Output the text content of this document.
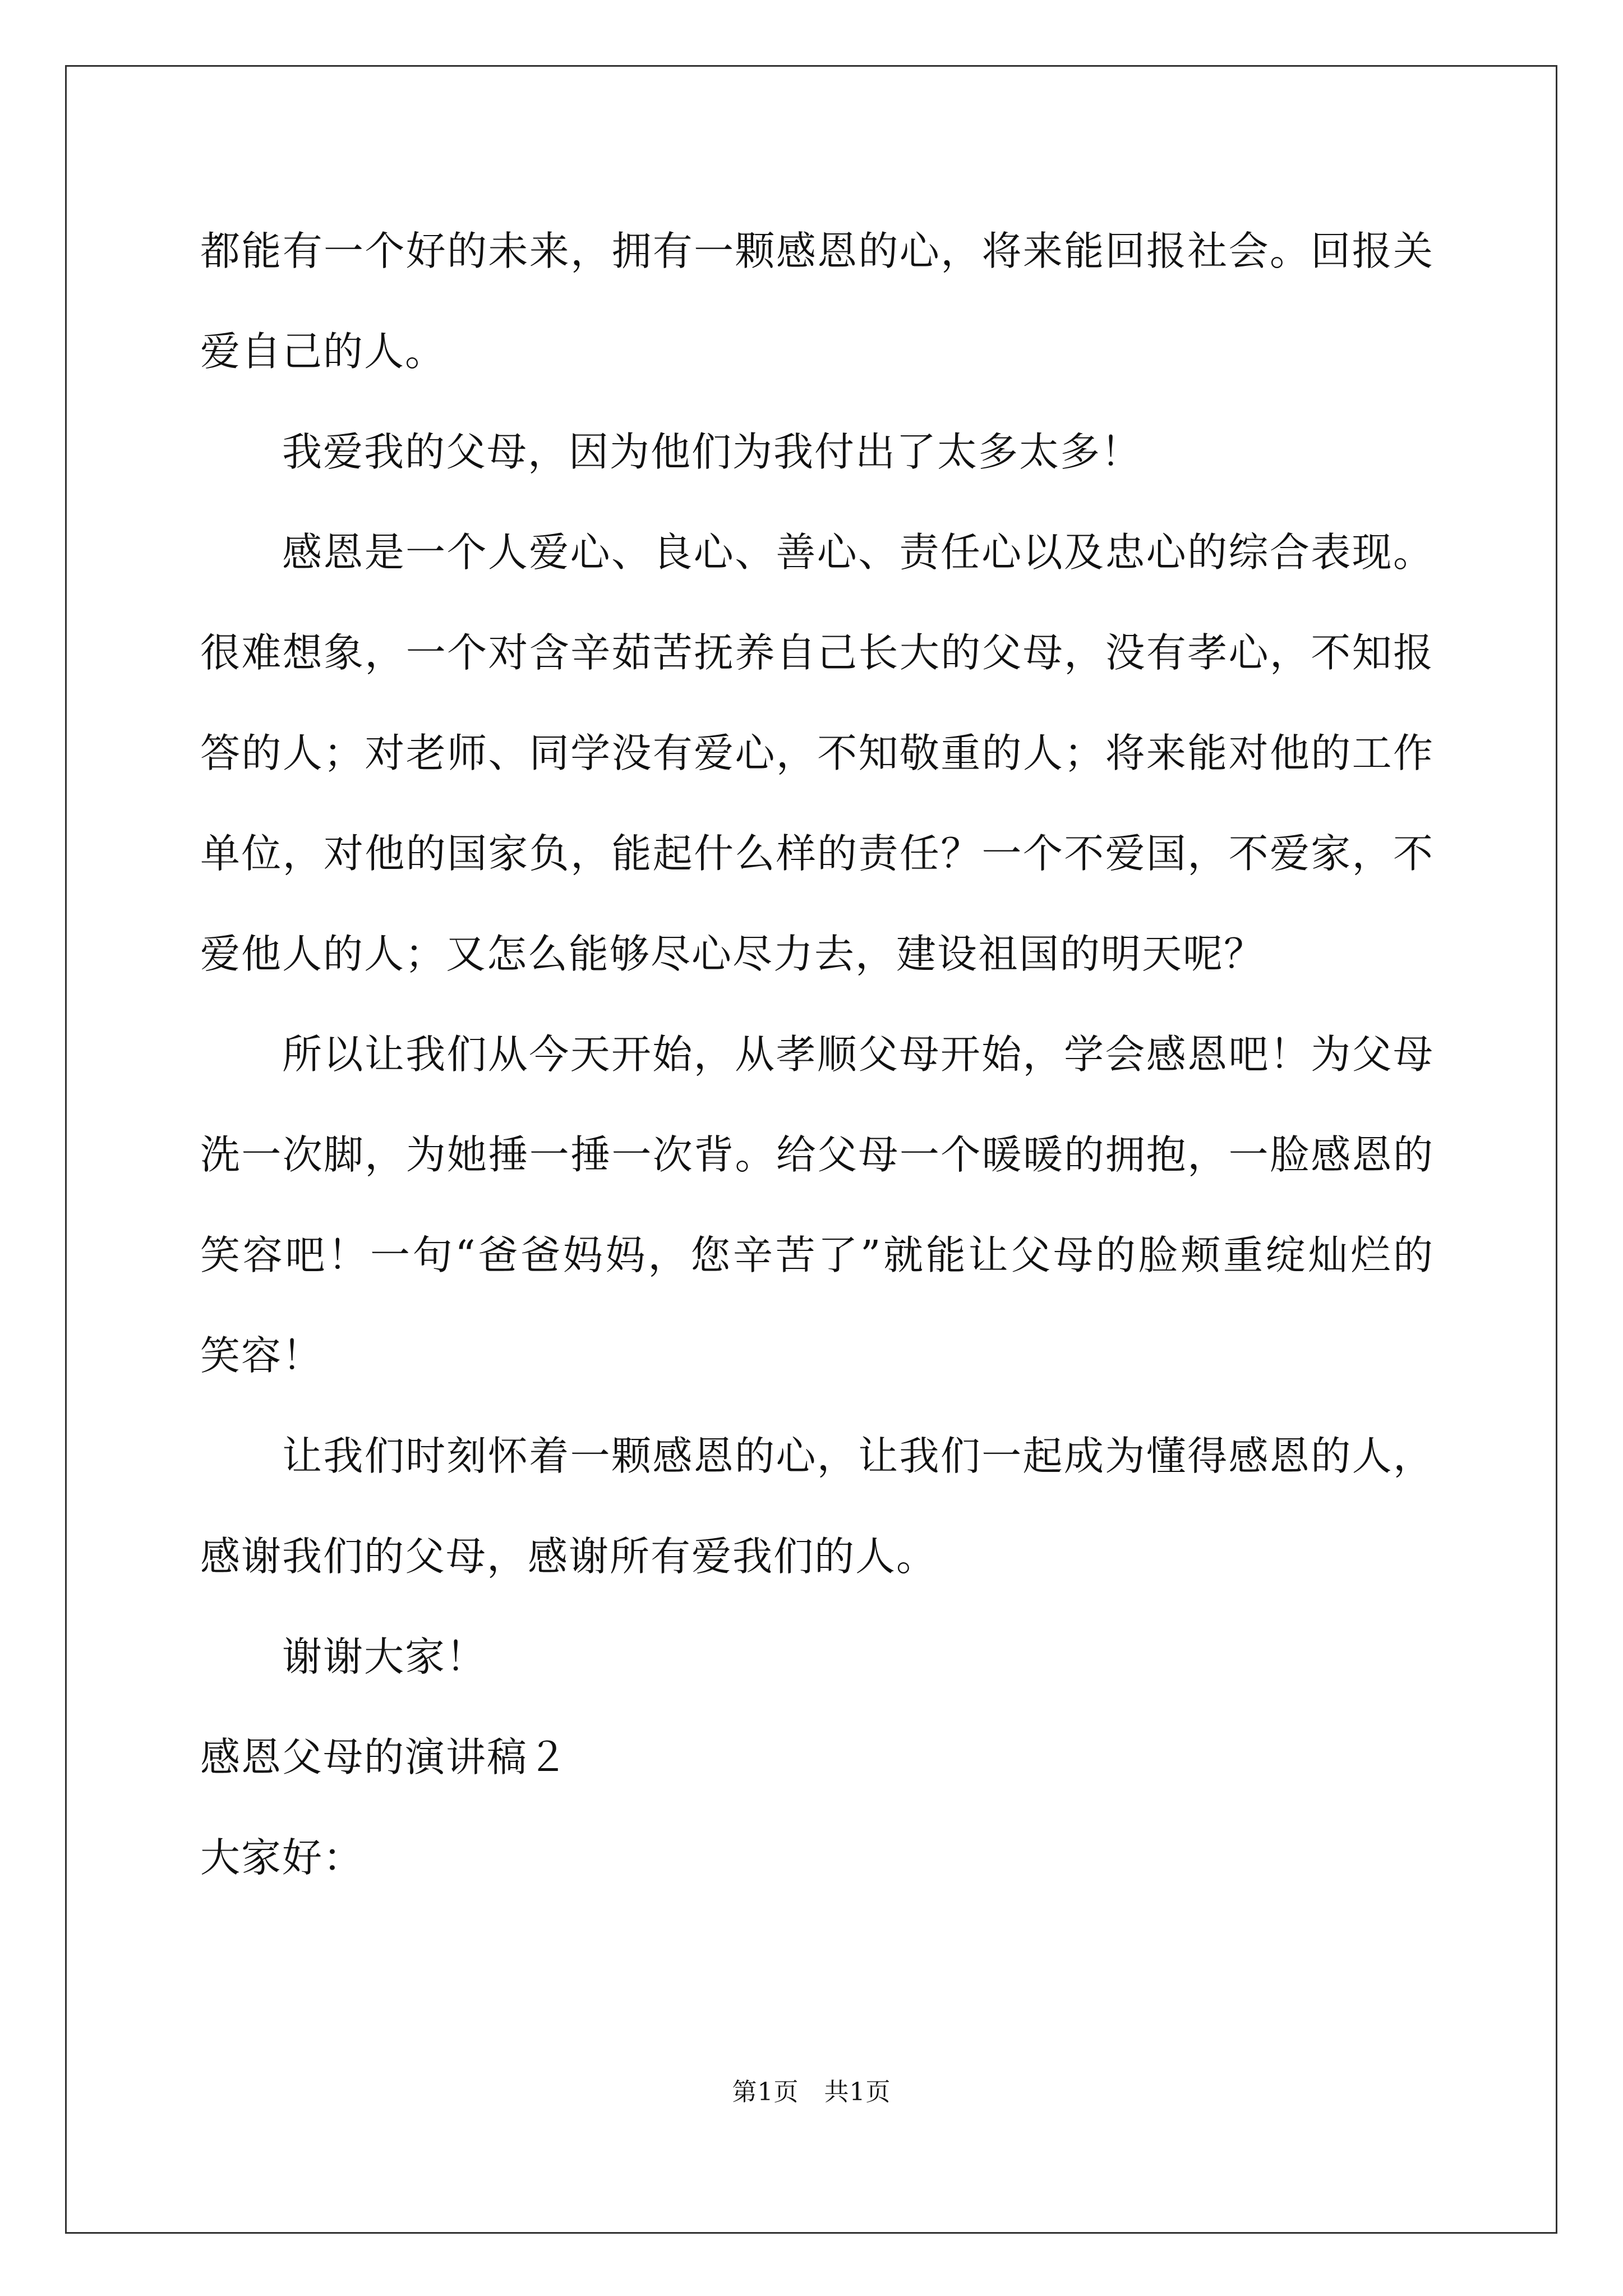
都能有一个好的未来，拥有一颗感恩的心，将来能回报社会。回报关
爱自己的人。
我爱我的父母，因为他们为我付出了太多太多！
感恩是一个人爱心、良心、善心、责任心以及忠心的综合表现。
很难想象，一个对含辛茹苦抚养自己长大的父母，没有孝心，不知报
答的人；对老师、同学没有爱心，不知敬重的人；将来能对他的工作
单位，对他的国家负，能起什么样的责任？一个不爱国，不爱家，不
爱他人的人；又怎么能够尽心尽力去，建设祖国的明天呢？
所以让我们从今天开始，从孝顺父母开始，学会感恩吧！为父母
洗一次脚，为她捶一捶一次背。给父母一个暖暖的拥抱，一脸感恩的
笑容吧！一句“爸爸妈妈，您辛苦了”就能让父母的脸颊重绽灿烂的
笑容！
让我们时刻怀着一颗感恩的心，让我们一起成为懂得感恩的人，
感谢我们的父母，感谢所有爱我们的人。
谢谢大家！
感恩父母的演讲稿２
大家好：
第1页　共1页
